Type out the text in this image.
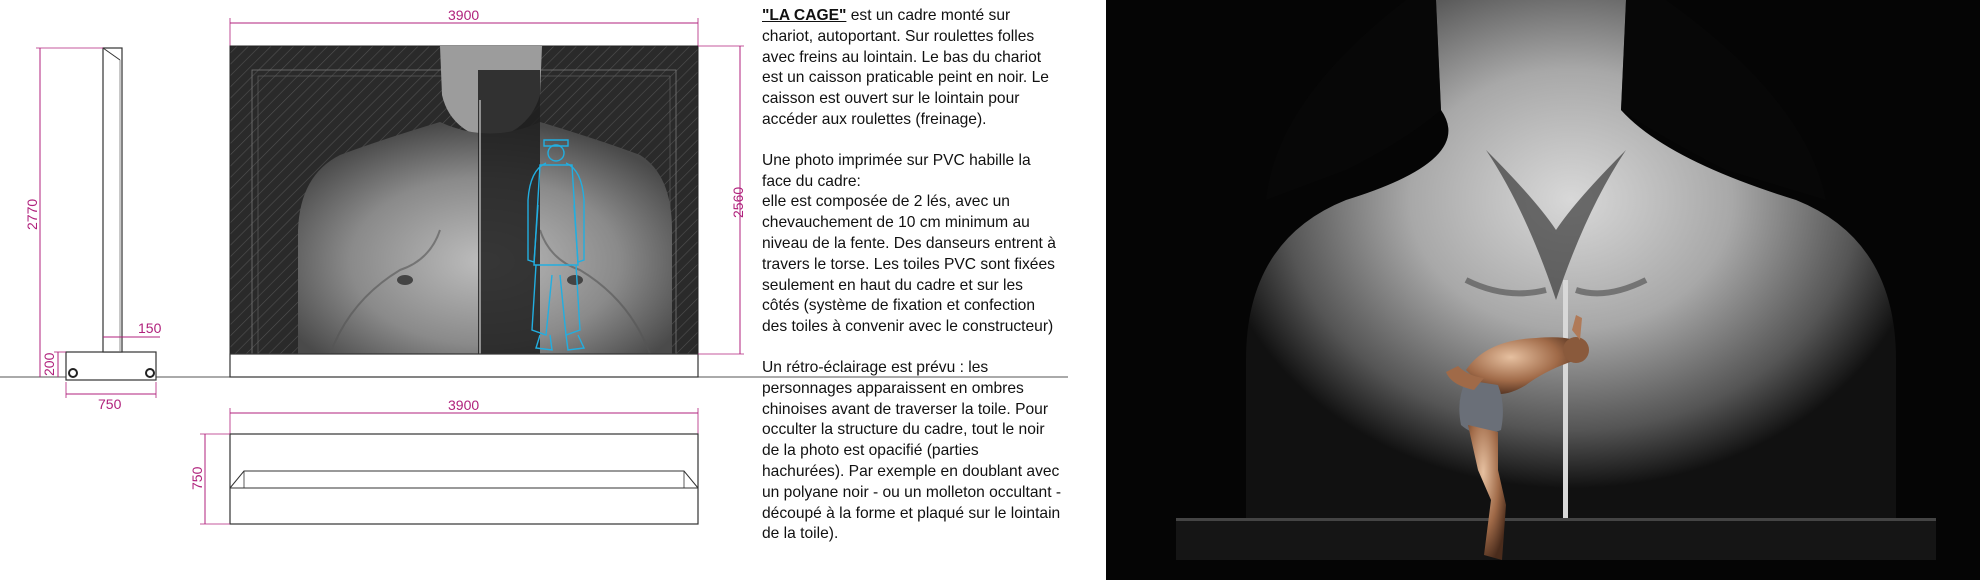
2770
200
150
750
3900
2560
3900
750

"LA CAGE" est un cadre monté sur chariot, autoportant. Sur roulettes folles avec freins au lointain. Le bas du chariot est un caisson praticable peint en noir. Le caisson est ouvert sur le lointain pour accéder aux roulettes (freinage).

Une photo imprimée sur PVC habille la face du cadre:

elle est composée de 2 lés, avec un chevauchement de 10 cm minimum au niveau de la fente. Des danseurs entrent à travers le torse. Les toiles PVC sont fixées seulement en haut du cadre et sur les côtés (système de fixation et confection des toiles à convenir avec le constructeur)

Un rétro-éclairage est prévu : les personnages apparaissent en ombres chinoises avant de traverser la toile. Pour occulter la structure du cadre, tout le noir de la photo est opacifié (parties hachurées). Par exemple en doublant avec un polyane noir - ou un molleton occultant - découpé à la forme et plaqué sur le lointain de la toile).
